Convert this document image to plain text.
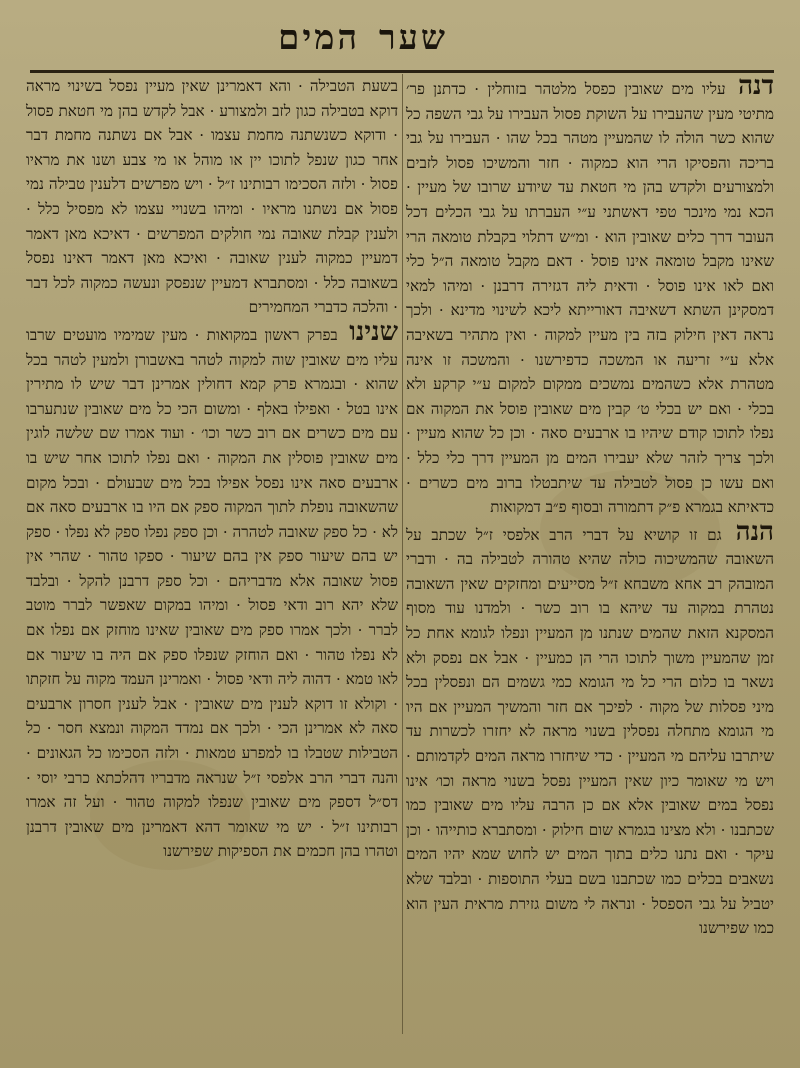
שער
המים

דנה עליו מים שאובין כפסל מלטהר בזוחלין · כדתנן פר׳ מתיטי מעין שהעבירו על השוקת פסול העבירו על גבי השפה כל שהוא כשר הולה לו שהמעיין מטהר בכל שהו · העבירו על גבי בריכה והפסיקו הרי הוא כמקוה · חזר והמשיכו פסול לזבים ולמצורעים ולקדש בהן מי חטאת עד שיודע שרובו של מעיין · הכא נמי מינכר טפי דאשתני ע״י העברתו על גבי הכלים דכל העובר דרך כלים שאובין הוא · ומ״ש דתלוי בקבלת טומאה הרי שאינו מקבל טומאה אינו פוסל · דאם מקבל טומאה ה״ל כלי ואם לאו אינו פוסל · ודאית ליה דגזירה דרבנן · ומיהו למאי דמסקינן השתא דשאיבה דאורייתא ליכא לשינוי מדינא · ולכך נראה דאין חילוק בזה בין מעיין למקוה · ואין מתהיר בשאיבה אלא ע״י זריעה או המשכה כדפירשנו · והמשכה זו אינה מטהרת אלא כשהמים נמשכים ממקום למקום ע״י קרקע ולא בכלי · ואם יש בכלי ט׳ קבין מים שאובין פוסל את המקוה אם נפלו לתוכו קודם שיהיו בו ארבעים סאה · וכן כל שהוא מעיין · ולכך צריך לזהר שלא יעבירו המים מן המעיין דרך כלי כלל · ואם עשו כן פסול לטבילה עד שיתבטלו ברוב מים כשרים · כדאיתא בגמרא פ״ק דתמורה ובסוף פ״ב דמקואות

הנה גם זו קושיא על דברי הרב אלפסי ז״ל שכתב על השאובה שהמשיכוה כולה שהיא טהורה לטבילה בה · ודברי המובהק רב אחא משבחא ז״ל מסייעים ומחזקים שאין השאובה נטהרת במקוה עד שיהא בו רוב כשר · ולמדנו עוד מסוף המסקנא הזאת שהמים שנתנו מן המעיין ונפלו לגומא אחת כל זמן שהמעיין משוך לתוכו הרי הן כמעיין · אבל אם נפסק ולא נשאר בו כלום הרי כל מי הגומא כמי גשמים הם ונפסלין בכל מיני פסלות של מקוה · לפיכך אם חזר והמשיך המעיין אם היו מי הגומא מתחלה נפסלין בשנוי מראה לא יחזרו לכשרות עד שיתרבו עליהם מי המעיין · כדי שיחזרו מראה המים לקדמותם · ויש מי שאומר כיון שאין המעיין נפסל בשנוי מראה וכו׳ אינו נפסל במים שאובין אלא אם כן הרבה עליו מים שאובין כמו שכתבנו · ולא מצינו בגמרא שום חילוק · ומסתברא כותייהו · וכן עיקר · ואם נתנו כלים בתוך המים יש לחוש שמא יהיו המים נשאבים בכלים כמו שכתבנו בשם בעלי התוספות · ובלבד שלא יטביל על גבי הספסל · ונראה לי משום גזירת מראית העין הוא כמו שפירשנו

בשעת הטבילה · והא דאמרינן שאין מעיין נפסל בשינוי מראה דוקא בטבילה כגון לזב ולמצורע · אבל לקדש בהן מי חטאת פסול · ודוקא כשנשתנה מחמת עצמו · אבל אם נשתנה מחמת דבר אחר כגון שנפל לתוכו יין או מוהל או מי צבע ושנו את מראיו פסול · ולזה הסכימו רבותינו ז״ל · ויש מפרשים דלענין טבילה נמי פסול אם נשתנו מראיו · ומיהו בשנויי עצמו לא מפסיל כלל · ולענין קבלת שאובה נמי חולקים המפרשים · דאיכא מאן דאמר דמעיין כמקוה לענין שאובה · ואיכא מאן דאמר דאינו נפסל בשאובה כלל · ומסתברא דמעיין שנפסק ונעשה כמקוה לכל דבר · והלכה כדברי המחמירים

שנינו בפרק ראשון במקואות · מעין שמימיו מועטים שרבו עליו מים שאובין שוה למקוה לטהר באשבורן ולמעין לטהר בכל שהוא · ובגמרא פרק קמא דחולין אמרינן דבר שיש לו מתירין אינו בטל · ואפילו באלף · ומשום הכי כל מים שאובין שנתערבו עם מים כשרים אם רוב כשר וכו׳ · ועוד אמרו שם שלשה לוגין מים שאובין פוסלין את המקוה · ואם נפלו לתוכו אחר שיש בו ארבעים סאה אינו נפסל אפילו בכל מים שבעולם · ובכל מקום שהשאובה נופלת לתוך המקוה ספק אם היו בו ארבעים סאה אם לא · כל ספק שאובה לטהרה · וכן ספק נפלו ספק לא נפלו · ספק יש בהם שיעור ספק אין בהם שיעור · ספקו טהור · שהרי אין פסול שאובה אלא מדבריהם · וכל ספק דרבנן להקל · ובלבד שלא יהא רוב ודאי פסול · ומיהו במקום שאפשר לברר מוטב לברר · ולכך אמרו ספק מים שאובין שאינו מוחזק אם נפלו אם לא נפלו טהור · ואם הוחזק שנפלו ספק אם היה בו שיעור אם לאו טמא · דהוה ליה ודאי פסול · ואמרינן העמד מקוה על חזקתו · וקולא זו דוקא לענין מים שאובין · אבל לענין חסרון ארבעים סאה לא אמרינן הכי · ולכך אם נמדד המקוה ונמצא חסר · כל הטבילות שטבלו בו למפרע טמאות · ולזה הסכימו כל הגאונים · והנה דברי הרב אלפסי ז״ל שנראה מדבריו דהלכתא כרבי יוסי · דס״ל דספק מים שאובין שנפלו למקוה טהור · ועל זה אמרו רבותינו ז״ל · יש מי שאומר דהא דאמרינן מים שאובין דרבנן וטהרו בהן חכמים את הספיקות שפירשנו
